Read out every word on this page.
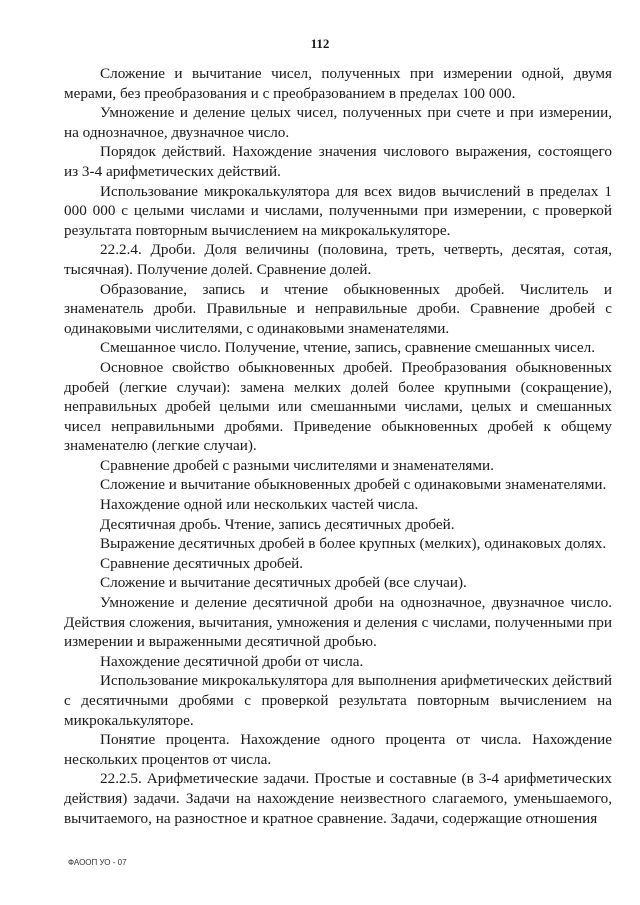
112

Сложение и вычитание чисел, полученных при измерении одной, двумя мерами, без преобразования и с преобразованием в пределах 100 000.

Умножение и деление целых чисел, полученных при счете и при измерении, на однозначное, двузначное число.

Порядок действий. Нахождение значения числового выражения, состоящего из 3-4 арифметических действий.

Использование микрокалькулятора для всех видов вычислений в пределах 1 000 000 с целыми числами и числами, полученными при измерении, с проверкой результата повторным вычислением на микрокалькуляторе.

22.2.4. Дроби. Доля величины (половина, треть, четверть, десятая, сотая, тысячная). Получение долей. Сравнение долей.

Образование, запись и чтение обыкновенных дробей. Числитель и знаменатель дроби. Правильные и неправильные дроби. Сравнение дробей с одинаковыми числителями, с одинаковыми знаменателями.

Смешанное число. Получение, чтение, запись, сравнение смешанных чисел.

Основное свойство обыкновенных дробей. Преобразования обыкновенных дробей (легкие случаи): замена мелких долей более крупными (сокращение), неправильных дробей целыми или смешанными числами, целых и смешанных чисел неправильными дробями. Приведение обыкновенных дробей к общему знаменателю (легкие случаи).

Сравнение дробей с разными числителями и знаменателями.

Сложение и вычитание обыкновенных дробей с одинаковыми знаменателями.

Нахождение одной или нескольких частей числа.

Десятичная дробь. Чтение, запись десятичных дробей.

Выражение десятичных дробей в более крупных (мелких), одинаковых долях.

Сравнение десятичных дробей.

Сложение и вычитание десятичных дробей (все случаи).

Умножение и деление десятичной дроби на однозначное, двузначное число. Действия сложения, вычитания, умножения и деления с числами, полученными при измерении и выраженными десятичной дробью.

Нахождение десятичной дроби от числа.

Использование микрокалькулятора для выполнения арифметических действий с десятичными дробями с проверкой результата повторным вычислением на микрокалькуляторе.

Понятие процента. Нахождение одного процента от числа. Нахождение нескольких процентов от числа.

22.2.5. Арифметические задачи. Простые и составные (в 3-4 арифметических действия) задачи. Задачи на нахождение неизвестного слагаемого, уменьшаемого, вычитаемого, на разностное и кратное сравнение. Задачи, содержащие отношения

ФАООП УО - 07
